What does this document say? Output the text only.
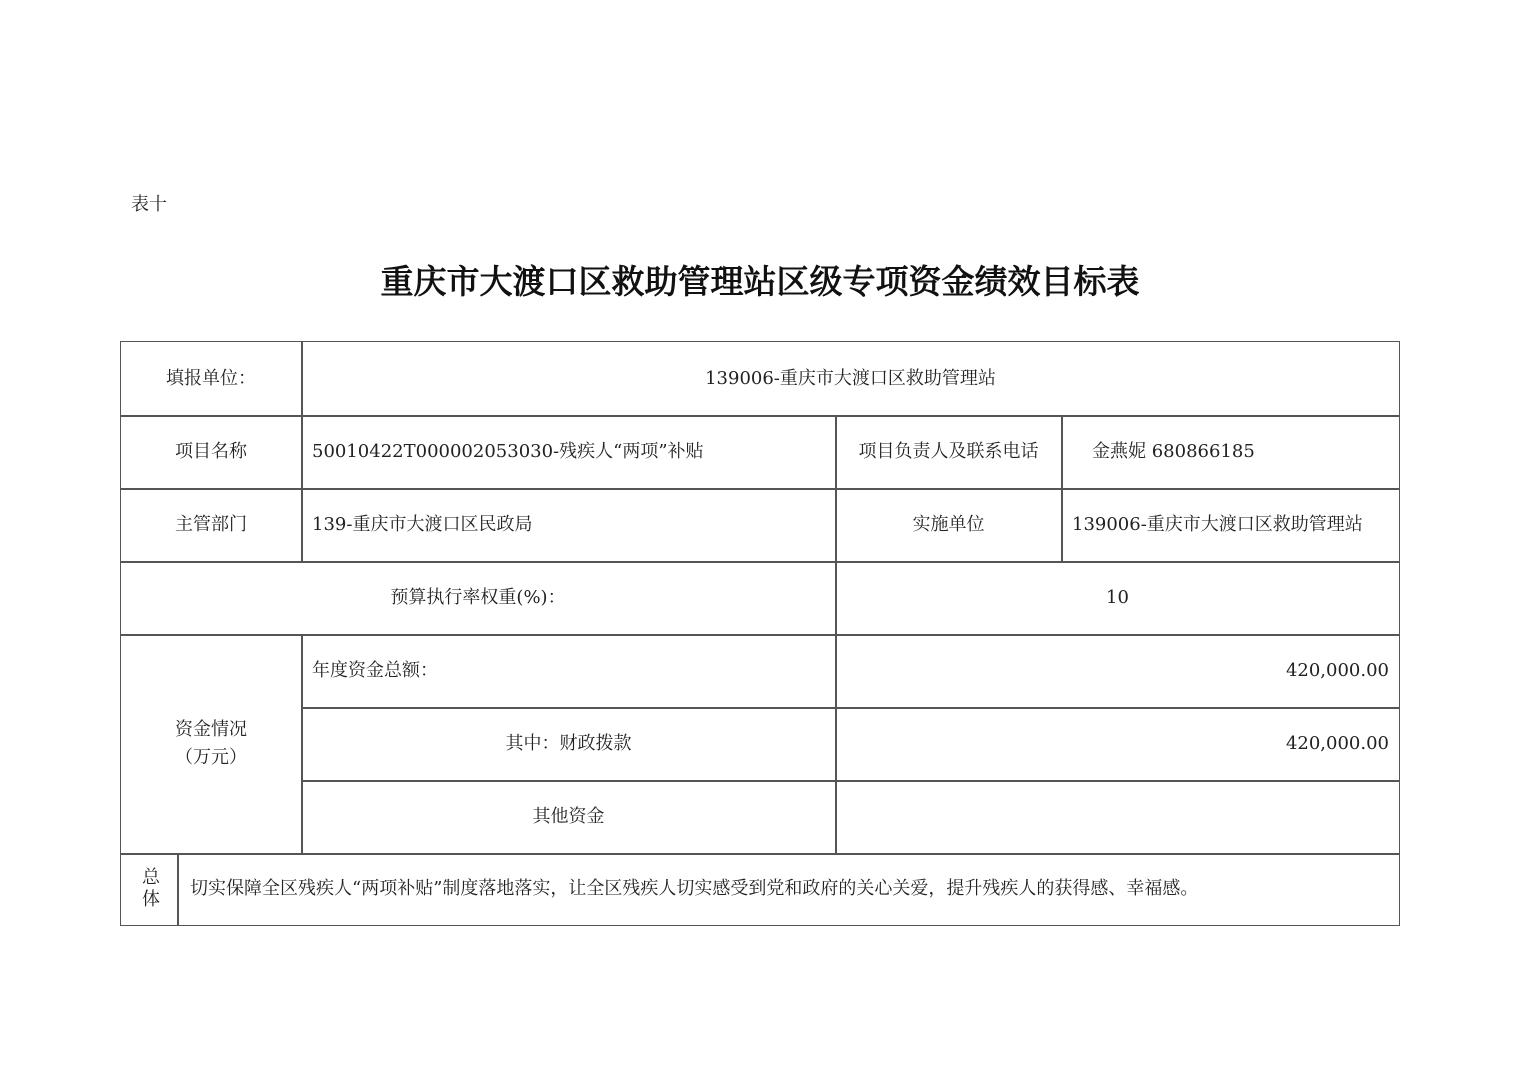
表十
重庆市大渡口区救助管理站区级专项资金绩效目标表
填报单位：	139006-重庆市大渡口区救助管理站
项目名称	50010422T000002053030-残疾人“两项”补贴	项目负责人及联系电话	金燕妮 680866185
主管部门	139-重庆市大渡口区民政局	实施单位	139006-重庆市大渡口区救助管理站
预算执行率权重(%)：	10
资金情况
（万元）
年度资金总额：	420,000.00
其中：财政拨款	420,000.00
其他资金
总体	切实保障全区残疾人“两项补贴”制度落地落实，让全区残疾人切实感受到党和政府的关心关爱，提升残疾人的获得感、幸福感。
